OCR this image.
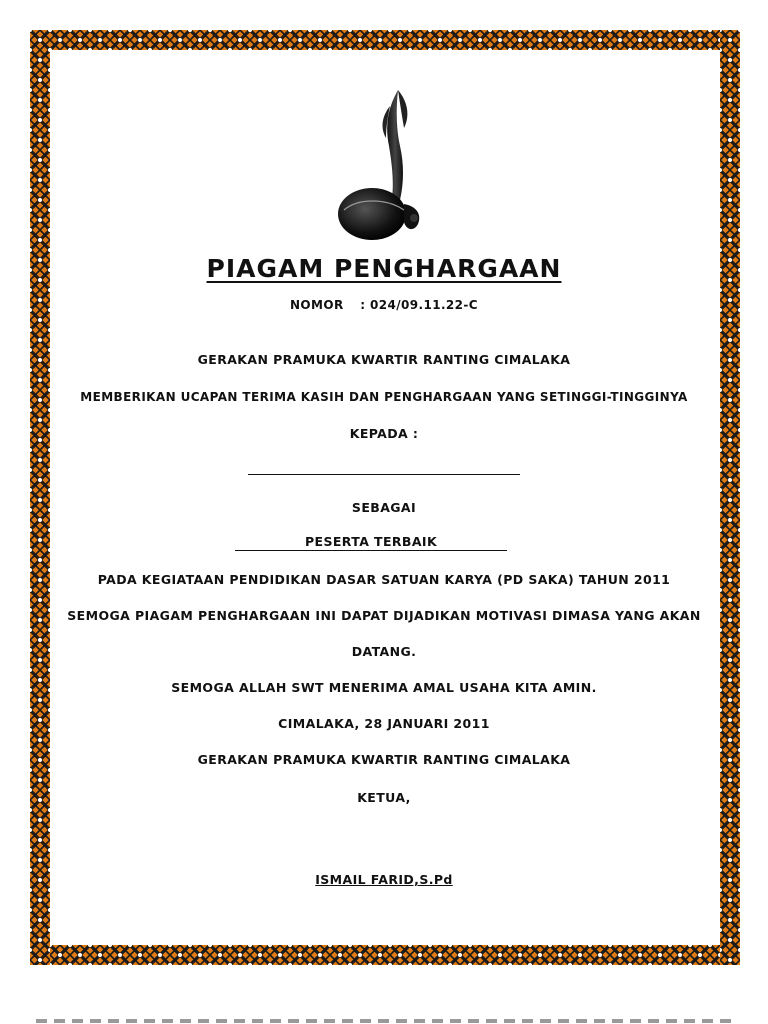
PIAGAM PENGHARGAAN
NOMOR : 024/09.11.22-C
GERAKAN PRAMUKA KWARTIR RANTING CIMALAKA
MEMBERIKAN UCAPAN TERIMA KASIH DAN PENGHARGAAN YANG SETINGGI-TINGGINYA
KEPADA :
SEBAGAI
PESERTA TERBAIK
PADA KEGIATAAN PENDIDIKAN DASAR SATUAN KARYA (PD SAKA) TAHUN 2011
SEMOGA PIAGAM PENGHARGAAN INI DAPAT DIJADIKAN MOTIVASI DIMASA YANG AKAN
DATANG.
SEMOGA ALLAH SWT MENERIMA AMAL USAHA KITA AMIN.
CIMALAKA, 28 JANUARI 2011
GERAKAN PRAMUKA KWARTIR RANTING CIMALAKA
KETUA,
ISMAIL FARID,S.Pd
